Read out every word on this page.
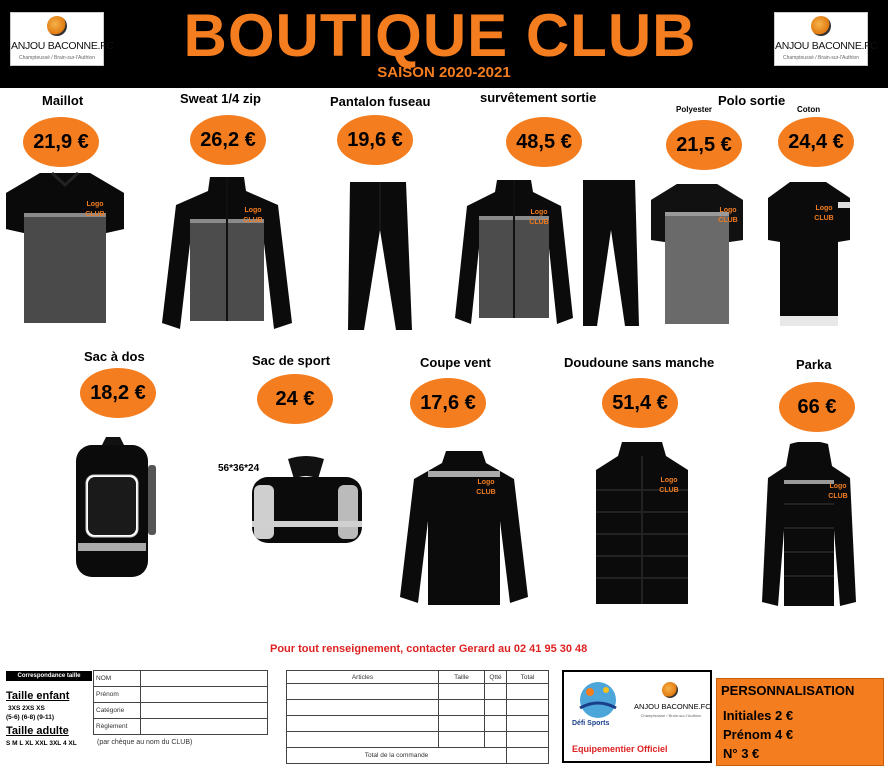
ANJOU BACONNE.FC
Champteussé / Brain-sur-l'Authion	BOUTIQUE CLUB
SAISON 2020-2021
ANJOU BACONNE.FC
Champteussé / Brain-sur-l'Authion
Maillot	Sweat 1/4 zip	Pantalon fuseau	survêtement sortie	Polo sortie
Polyester	Coton
21,9 €	26,2 €	19,6 €	48,5 €	21,5 €	24,4 €
Logo CLUB
Logo CLUB
Logo CLUB
Logo CLUB
Logo CLUB
Sac à dos	Sac de sport	Coupe vent	Doudoune sans manche	Parka
18,2 €	24 €	17,6 €	51,4 €	66 €
56*36*24
Logo CLUB
Logo CLUB
Logo CLUB
Pour tout renseignement, contacter Gerard au 02 41 95 30 48
Correspondance taille
Taille enfant
3XS 2XS XS
(5-6) (6-8) (9-11)
Taille adulte
S M L XL XXL 3XL 4 XL
NOM	
Prénom	
Catégorie	
Règlement	
(par chèque au nom du CLUB)
Articles	Taille	Qtté	Total

Total de la commande			
Défi Sports
ANJOU BACONNE.FC
Champteussé / Brain-sur-l'Authion
Equipementier Officiel
PERSONNALISATION
Initiales 2 €
Prénom 4 €
N° 3 €
